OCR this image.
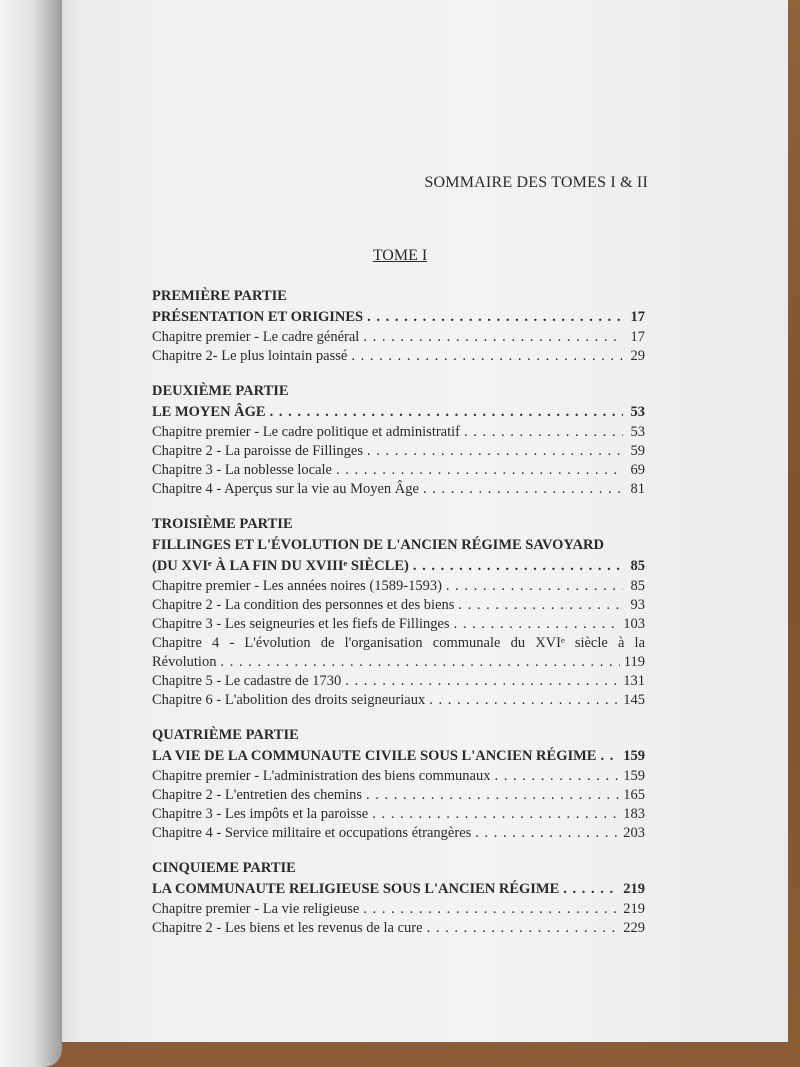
SOMMAIRE DES TOMES I & II
TOME I
PREMIÈRE PARTIE
PRÉSENTATION ET ORIGINES . . .	17
Chapitre premier - Le cadre général . . .	17
Chapitre 2- Le plus lointain passé . . .	29
DEUXIÈME PARTIE
LE MOYEN ÂGE . . .	53
Chapitre premier - Le cadre politique et administratif . . .	53
Chapitre 2 - La paroisse de Fillinges . . .	59
Chapitre 3 - La noblesse locale . . .	69
Chapitre 4 - Aperçus sur la vie au Moyen Âge . . .	81
TROISIÈME PARTIE
FILLINGES ET L'ÉVOLUTION DE L'ANCIEN RÉGIME SAVOYARD
(DU XVIᵉ À LA FIN DU XVIIIᵉ SIÈCLE) . . .	85
Chapitre premier - Les années noires (1589-1593) . . .	85
Chapitre 2 - La condition des personnes et des biens . . .	93
Chapitre 3 - Les seigneuries et les fiefs de Fillinges . . .	103
Chapitre 4 - L'évolution de l'organisation communale du XVIᵉ siècle à la
Révolution . . .	119
Chapitre 5 - Le cadastre de 1730 . . .	131
Chapitre 6 - L'abolition des droits seigneuriaux . . .	145
QUATRIÈME PARTIE
LA VIE DE LA COMMUNAUTE CIVILE SOUS L'ANCIEN RÉGIME . . . 159
Chapitre premier - L'administration des biens communaux . . .	159
Chapitre 2 - L'entretien des chemins . . .	165
Chapitre 3 - Les impôts et la paroisse . . .	183
Chapitre 4 - Service militaire et occupations étrangères . . .	203
CINQUIEME PARTIE
LA COMMUNAUTE RELIGIEUSE SOUS L'ANCIEN RÉGIME . . .	219
Chapitre premier - La vie religieuse . . .	219
Chapitre 2 - Les biens et les revenus de la cure . . .	229
